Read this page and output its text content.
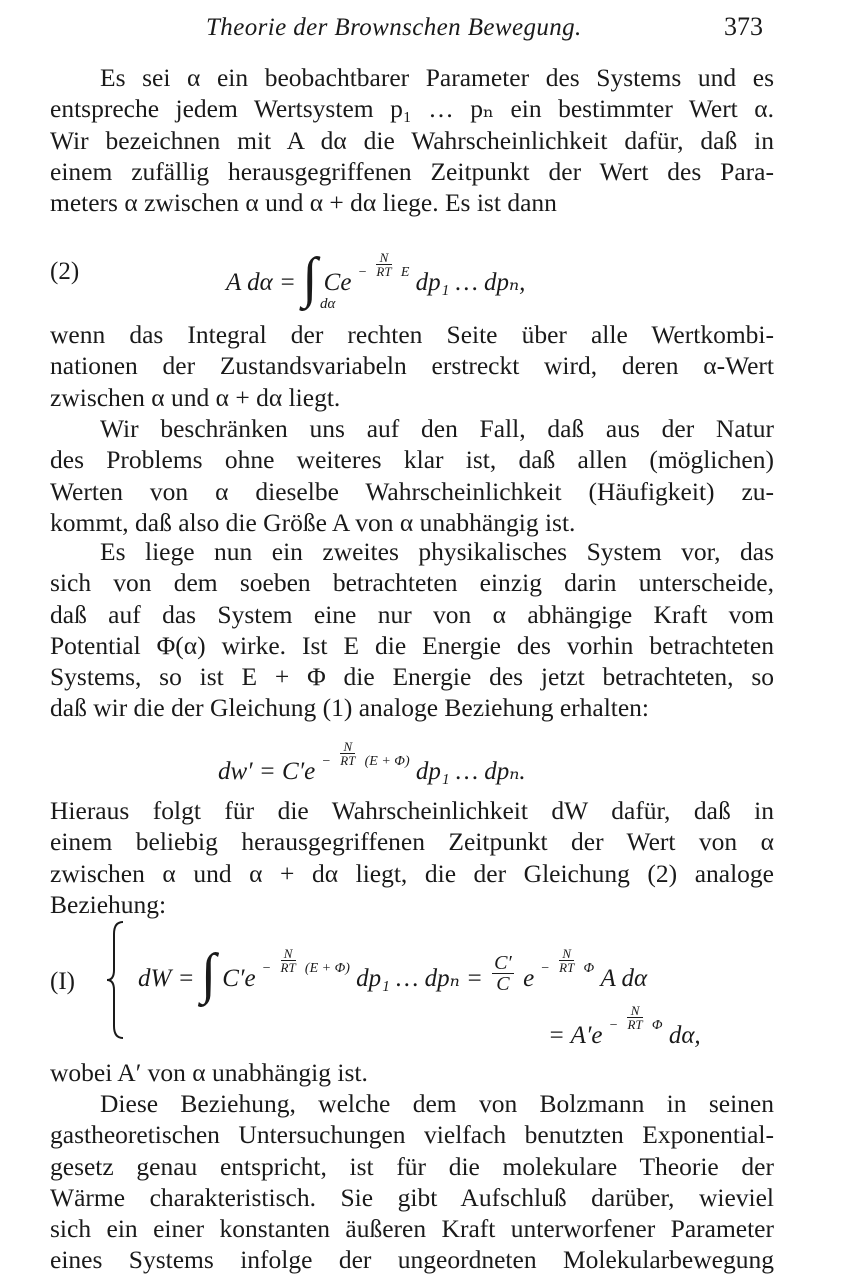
Theorie der Brownschen Bewegung.	373
Es sei α ein beobachtbarer Parameter des Systems und es
entspreche jedem Wertsystem p₁ … pₙ ein bestimmter Wert α.
Wir bezeichnen mit A dα die Wahrscheinlichkeit dafür, daß in
einem zufällig herausgegriffenen Zeitpunkt der Wert des Para-
meters α zwischen α und α + dα liege. Es ist dann
(2)	A dα = ∫ Ce $^- \frac{N}{RT} ^E$ dp₁ … dpₙ,
dα
wenn das Integral der rechten Seite über alle Wertkombi-
nationen der Zustandsvariabeln erstreckt wird, deren α-Wert
zwischen α und α + dα liegt.
Wir beschränken uns auf den Fall, daß aus der Natur
des Problems ohne weiteres klar ist, daß allen (möglichen)
Werten von α dieselbe Wahrscheinlichkeit (Häufigkeit) zu-
kommt, daß also die Größe A von α unabhängig ist.
Es liege nun ein zweites physikalisches System vor, das
sich von dem soeben betrachteten einzig darin unterscheide,
daß auf das System eine nur von α abhängige Kraft vom
Potential Φ(α) wirke. Ist E die Energie des vorhin betrachteten
Systems, so ist E + Φ die Energie des jetzt betrachteten, so
daß wir die der Gleichung (1) analoge Beziehung erhalten:
dw′ = C′e $^- \frac{N}{RT} ^{(E + \Phi)}$ dp₁ … dpₙ.
Hieraus folgt für die Wahrscheinlichkeit dW dafür, daß in
einem beliebig herausgegriffenen Zeitpunkt der Wert von α
zwischen α und α + dα liegt, die der Gleichung (2) analoge
Beziehung:
(I)	dW = ∫ C′e $^- \frac{N}{RT} ^{(E + \Phi)}$ dp₁ … $dp_n = \frac{C'}{C}$ e $^- \frac{N}{RT} ^\Phi$ A dα
= A′e $^- \frac{N}{RT} ^\Phi$ dα,
wobei A′ von α unabhängig ist.
Diese Beziehung, welche dem von Bolzmann in seinen
gastheoretischen Untersuchungen vielfach benutzten Exponential-
gesetz genau entspricht, ist für die molekulare Theorie der
Wärme charakteristisch. Sie gibt Aufschluß darüber, wieviel
sich ein einer konstanten äußeren Kraft unterworfener Parameter
eines Systems infolge der ungeordneten Molekularbewegung
